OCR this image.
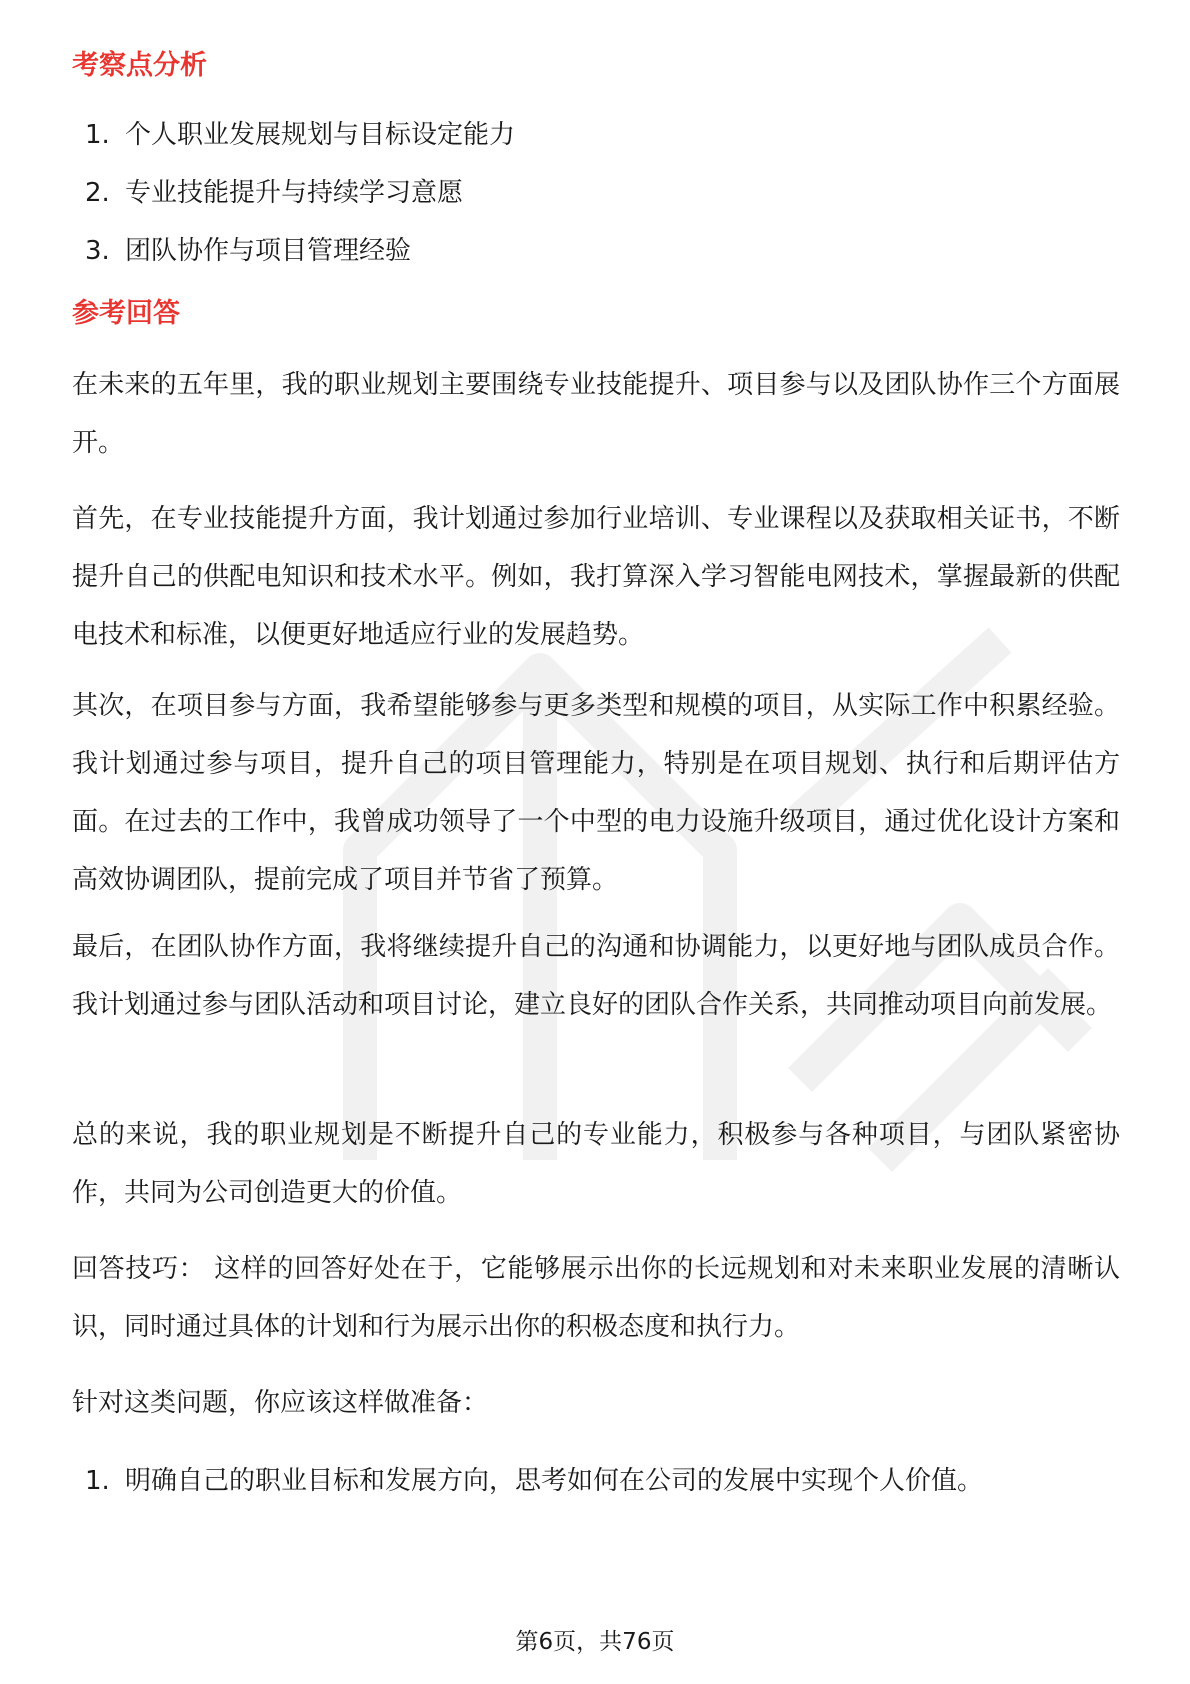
考察点分析
1. 个人职业发展规划与目标设定能力
2. 专业技能提升与持续学习意愿
3. 团队协作与项目管理经验
参考回答

在未来的五年里，我的职业规划主要围绕专业技能提升、项目参与以及团队协作三个方面展开。

首先，在专业技能提升方面，我计划通过参加行业培训、专业课程以及获取相关证书，不断提升自己的供配电知识和技术水平。例如，我打算深入学习智能电网技术，掌握最新的供配电技术和标准，以便更好地适应行业的发展趋势。

其次，在项目参与方面，我希望能够参与更多类型和规模的项目，从实际工作中积累经验。我计划通过参与项目，提升自己的项目管理能力，特别是在项目规划、执行和后期评估方面。在过去的工作中，我曾成功领导了一个中型的电力设施升级项目，通过优化设计方案和高效协调团队，提前完成了项目并节省了预算。

最后，在团队协作方面，我将继续提升自己的沟通和协调能力，以更好地与团队成员合作。我计划通过参与团队活动和项目讨论，建立良好的团队合作关系，共同推动项目向前发展。

总的来说，我的职业规划是不断提升自己的专业能力，积极参与各种项目，与团队紧密协作，共同为公司创造更大的价值。

回答技巧： 这样的回答好处在于，它能够展示出你的长远规划和对未来职业发展的清晰认识，同时通过具体的计划和行为展示出你的积极态度和执行力。

针对这类问题，你应该这样做准备：

1. 明确自己的职业目标和发展方向，思考如何在公司的发展中实现个人价值。
第6页，共76页
